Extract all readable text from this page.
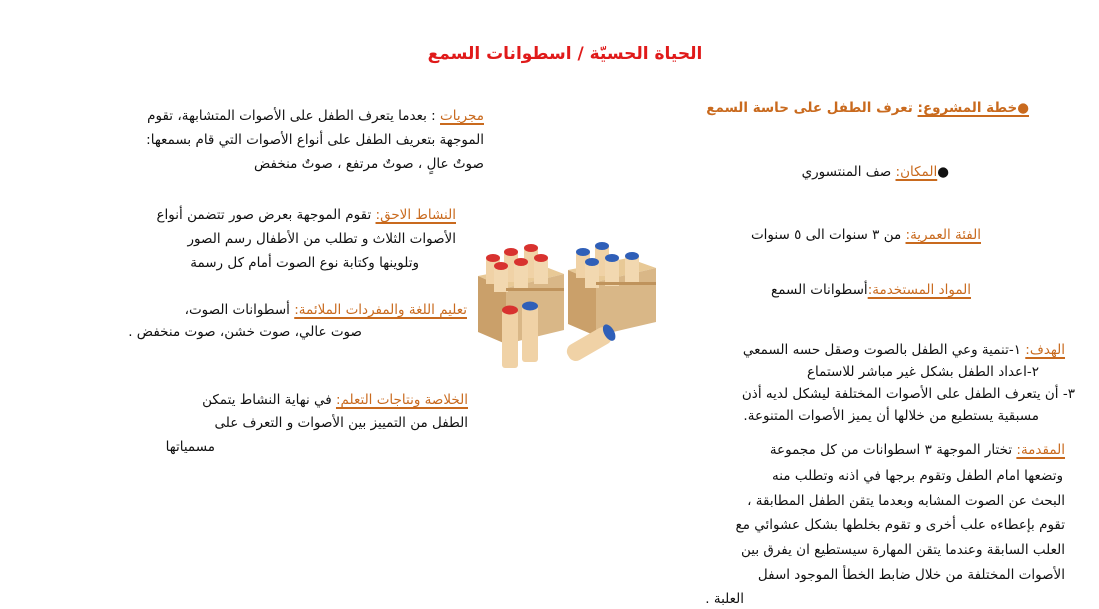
الحياة الحسيّة / اسطوانات السمع
●خطة المشروع: تعرف الطفل على حاسة السمع
●المكان: صف المنتسوري
الفئة العمرية: من ٣ سنوات الى ٥ سنوات
المواد المستخدمة:أسطوانات السمع
الهدف: ١-تنمية وعي الطفل بالصوت وصقل حسه السمعي
٢-اعداد الطفل بشكل غير مباشر للاستماع
٣- أن يتعرف الطفل على الأصوات المختلفة ليشكل لديه أذن
مسبقية يستطيع من خلالها أن يميز الأصوات المتنوعة.
المقدمة: تختار الموجهة ٣ اسطوانات من كل مجموعة
وتضعها امام الطفل وتقوم برجها في اذنه وتطلب منه
البحث عن الصوت المشابه وبعدما يتقن الطفل المطابقة ،
تقوم بإعطاءه علب أخرى و تقوم بخلطها بشكل عشوائي مع
العلب السابقة وعندما يتقن المهارة سيستطيع ان يفرق بين
الأصوات المختلفة من خلال ضابط الخطأ الموجود اسفل
العلبة .
مجريات : بعدما يتعرف الطفل على الأصوات المتشابهة، تقوم
الموجهة بتعريف الطفل على أنواع الأصوات التي قام بسمعها:
صوتٌ عالٍ ، صوتٌ مرتفع ، صوتٌ منخفض
النشاط الاحق: تقوم الموجهة بعرض صور تتضمن أنواع
الأصوات الثلاث و تطلب من الأطفال رسم الصور
وتلوينها وكتابة نوع الصوت أمام كل رسمة
تعليم اللغة والمفردات الملائمة: أسطوانات الصوت،
صوت عالي، صوت خشن، صوت منخفض .
الخلاصة ونتاجات التعلم: في نهاية النشاط يتمكن
الطفل من التمييز بين الأصوات و التعرف على
مسمياتها
